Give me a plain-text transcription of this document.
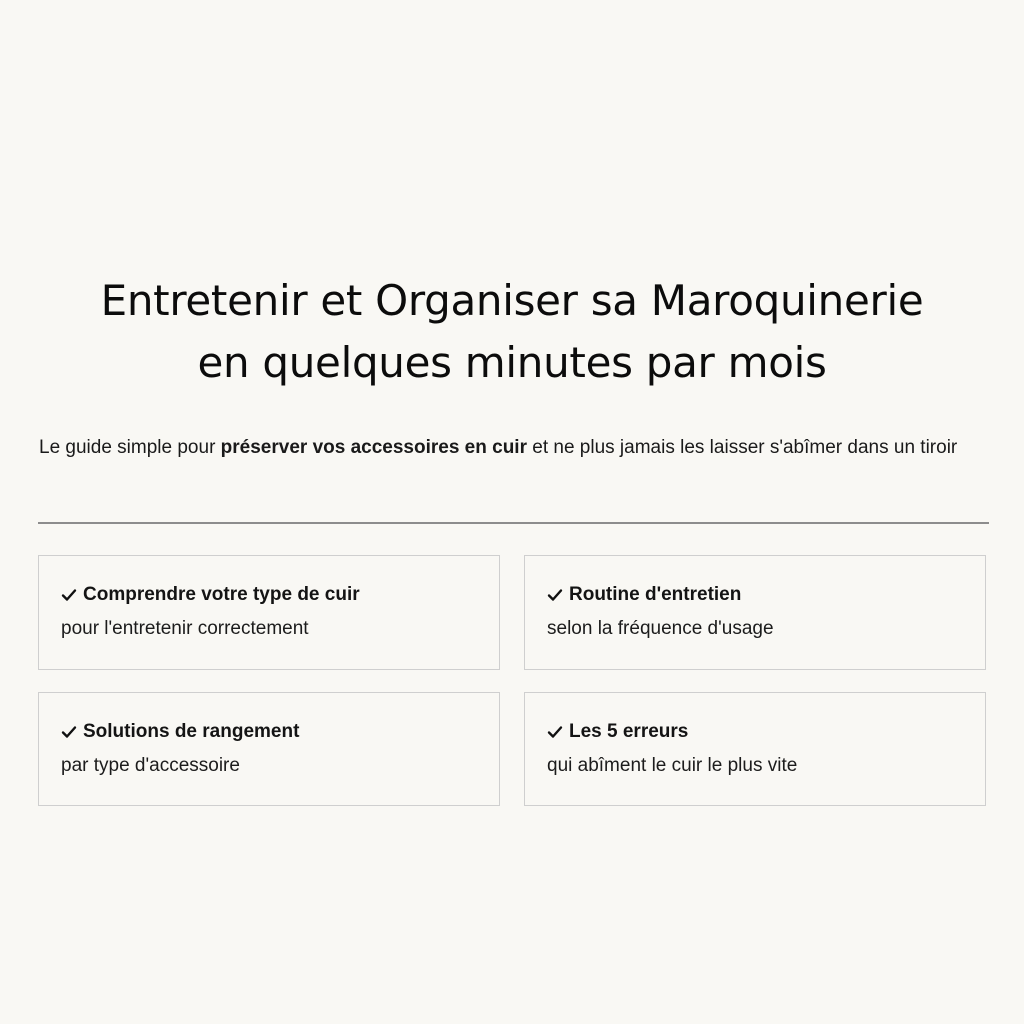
Entretenir et Organiser sa Maroquinerie
en quelques minutes par mois

Le guide simple pour préserver vos accessoires en cuir et ne plus jamais les laisser s'abîmer dans un tiroir

Comprendre votre type de cuir
pour l'entretenir correctement
Routine d'entretien
selon la fréquence d'usage
Solutions de rangement
par type d'accessoire
Les 5 erreurs
qui abîment le cuir le plus vite
